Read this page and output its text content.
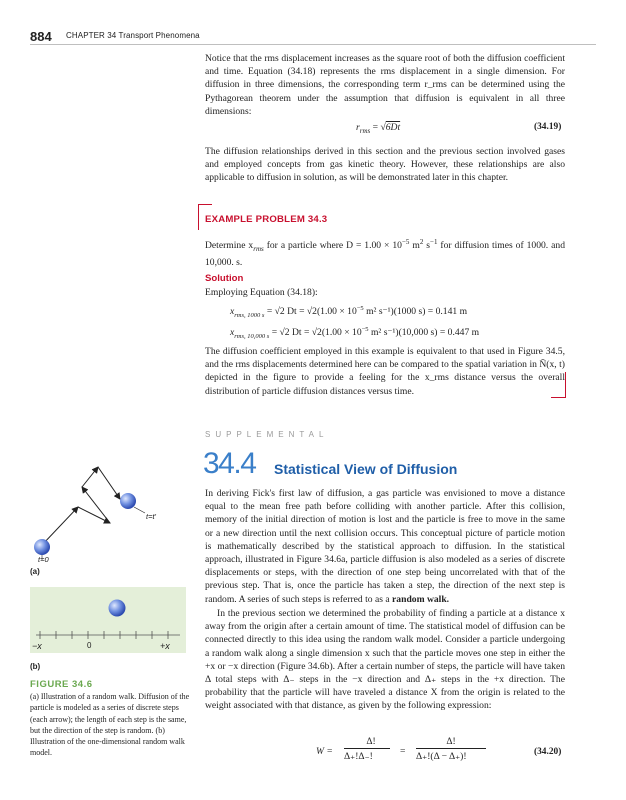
884 CHAPTER 34 Transport Phenomena
Notice that the rms displacement increases as the square root of both the diffusion coefficient and time. Equation (34.18) represents the rms displacement in a single dimension. For diffusion in three dimensions, the corresponding term r_rms can be determined using the Pythagorean theorem under the assumption that diffusion is equivalent in all three dimensions:
$r_{rms} = √6Dt$	(34.19)
The diffusion relationships derived in this section and the previous section involved gases and employed concepts from gas kinetic theory. However, these relationships are also applicable to diffusion in solution, as will be demonstrated later in this chapter.
EXAMPLE PROBLEM 34.3
Determine $x_{rms}$ for a particle where $D = 1.00 \times 10^{-5}$ $m^2$ $s^{-1}$ for diffusion times of 1000. and 10,000. s.
Solution
Employing Equation (34.18):
$x_{rms, 1000 s} = √2$ $Dt = √2(1.00 \times 10^{-5}$ m² s⁻¹)(1000 s) = 0.141 m
$x_{rms, 10,000 s} = √2$ $Dt = √2(1.00 \times 10^{-5}$ m² s⁻¹)(10,000 s) = 0.447 m
The diffusion coefficient employed in this example is equivalent to that used in Figure 34.5, and the rms displacements determined here can be compared to the spatial variation in Ñ(x, t) depicted in the figure to provide a feeling for the x_rms distance versus the overall distribution of particle diffusion distances versus time.
SUPPLEMENTAL
34.4 Statistical View of Diffusion
In deriving Fick's first law of diffusion, a gas particle was envisioned to move a distance equal to the mean free path before colliding with another particle. After this collision, memory of the initial direction of motion is lost and the particle is free to move in the same or a new direction until the next collision occurs. This conceptual picture of particle motion is mathematically described by the statistical approach to diffusion. In the statistical approach, illustrated in Figure 34.6a, particle diffusion is also modeled as a series of discrete displacements or steps, with the direction of one step being uncorrelated with that of the previous step. That is, once the particle has taken a step, the direction of the next step is random. A series of such steps is referred to as a random walk.
In the previous section we determined the probability of finding a particle at a distance x away from the origin after a certain amount of time. The statistical model of diffusion can be connected directly to this idea using the random walk model. Consider a particle undergoing a random walk along a single dimension x such that the particle moves one step in either the +x or −x direction (Figure 34.6b). After a certain number of steps, the particle will have taken Δ total steps with Δ₋ steps in the −x direction and Δ₊ steps in the +x direction. The probability that the particle will have traveled a distance X from the origin is related to the weight associated with that distance, as given by the following expression:
W =
Δ!
Δ₊!Δ₋!	=
Δ!
Δ₊!(Δ − Δ₊)!	(34.20)
t=0
t=t'
(a)
−x	0	+x
(b)
FIGURE 34.6
(a) Illustration of a random walk. Diffusion of the particle is modeled as a series of discrete steps (each arrow); the length of each step is the same, but the direction of the step is random. (b) Illustration of the one-dimensional random walk model.
